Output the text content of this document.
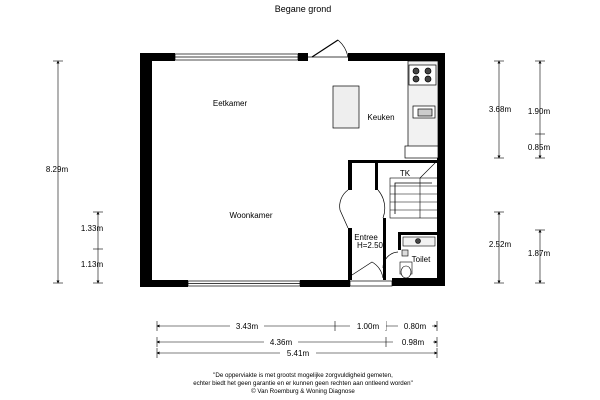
Begane grond
Eetkamer
Keuken
TK
Woonkamer
Entree
H=2.50
Toilet
8.29m
1.33m
1.13m
3.68m 1.90m
0.85m
2.52m
1.87m
3.43m	1.00m	0.80m
4.36m	0.98m
5.41m
"De opperviakte is met grootst mogelijke zorgvuldigheid gemeten,
echter biedt het geen garantie en er kunnen geen rechten aan ontleend worden"
© Van Roemburg & Woning Diagnose
